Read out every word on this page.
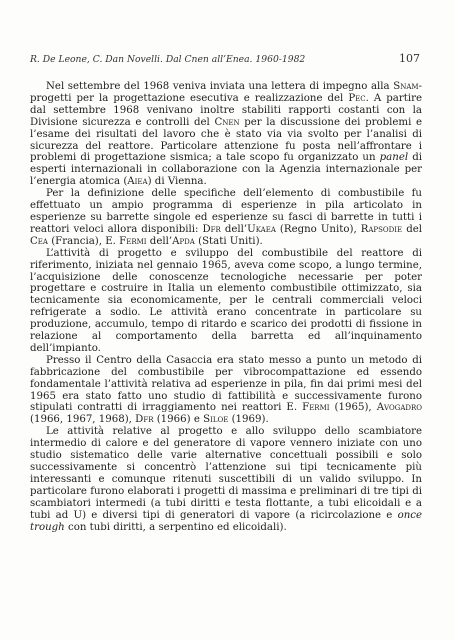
R. De Leone, C. Dan Novelli. Dal Cnen all’Enea. 1960-1982	107

Nel settembre del 1968 veniva inviata una lettera di impegno alla Snam-progetti per la progettazione esecutiva e realizzazione del Pec. A partire dal settembre 1968 venivano inoltre stabiliti rapporti costanti con la Divisione sicurezza e controlli del Cnen per la discussione dei problemi e l’esame dei risultati del lavoro che è stato via via svolto per l’analisi di sicurezza del reattore. Particolare attenzione fu posta nell’affrontare i problemi di progettazione sismica; a tale scopo fu organizzato un panel di esperti internazionali in collaborazione con la Agenzia internazionale per l’energia atomica (Aiea) di Vienna.

Per la definizione delle specifiche dell’elemento di combustibile fu effettuato un ampio programma di esperienze in pila articolato in esperienze su barrette singole ed esperienze su fasci di barrette in tutti i reattori veloci allora disponibili: Dfr dell’Ukaea (Regno Unito), Rapsodie del Cea (Francia), E. Fermi dell’Apda (Stati Uniti).

L’attività di progetto e sviluppo del combustibile del reattore di riferimento, iniziata nel gennaio 1965, aveva come scopo, a lungo termine, l’acquisizione delle conoscenze tecnologiche necessarie per poter progettare e costruire in Italia un elemento combustibile ottimizzato, sia tecnicamente sia economicamente, per le centrali commerciali veloci refrigerate a sodio. Le attività erano concentrate in particolare su produzione, accumulo, tempo di ritardo e scarico dei prodotti di fissione in relazione al comportamento della barretta ed all’inquinamento dell’impianto.

Presso il Centro della Casaccia era stato messo a punto un metodo di fabbricazione del combustibile per vibrocompattazione ed essendo fondamentale l’attività relativa ad esperienze in pila, fin dai primi mesi del 1965 era stato fatto uno studio di fattibilità e successivamente furono stipulati contratti di irraggiamento nei reattori E. Fermi (1965), Avogadro (1966, 1967, 1968), Dfr (1966) e Siloe (1969).

Le attività relative al progetto e allo sviluppo dello scambiatore intermedio di calore e del generatore di vapore vennero iniziate con uno studio sistematico delle varie alternative concettuali possibili e solo successivamente si concentrò l’attenzione sui tipi tecnicamente più interessanti e comunque ritenuti suscettibili di un valido sviluppo. In particolare furono elaborati i progetti di massima e preliminari di tre tipi di scambiatori intermedi (a tubi diritti e testa flottante, a tubi elicoidali e a tubi ad U) e diversi tipi di generatori di vapore (a ricircolazione e once trough con tubi diritti, a serpentino ed elicoidali).
